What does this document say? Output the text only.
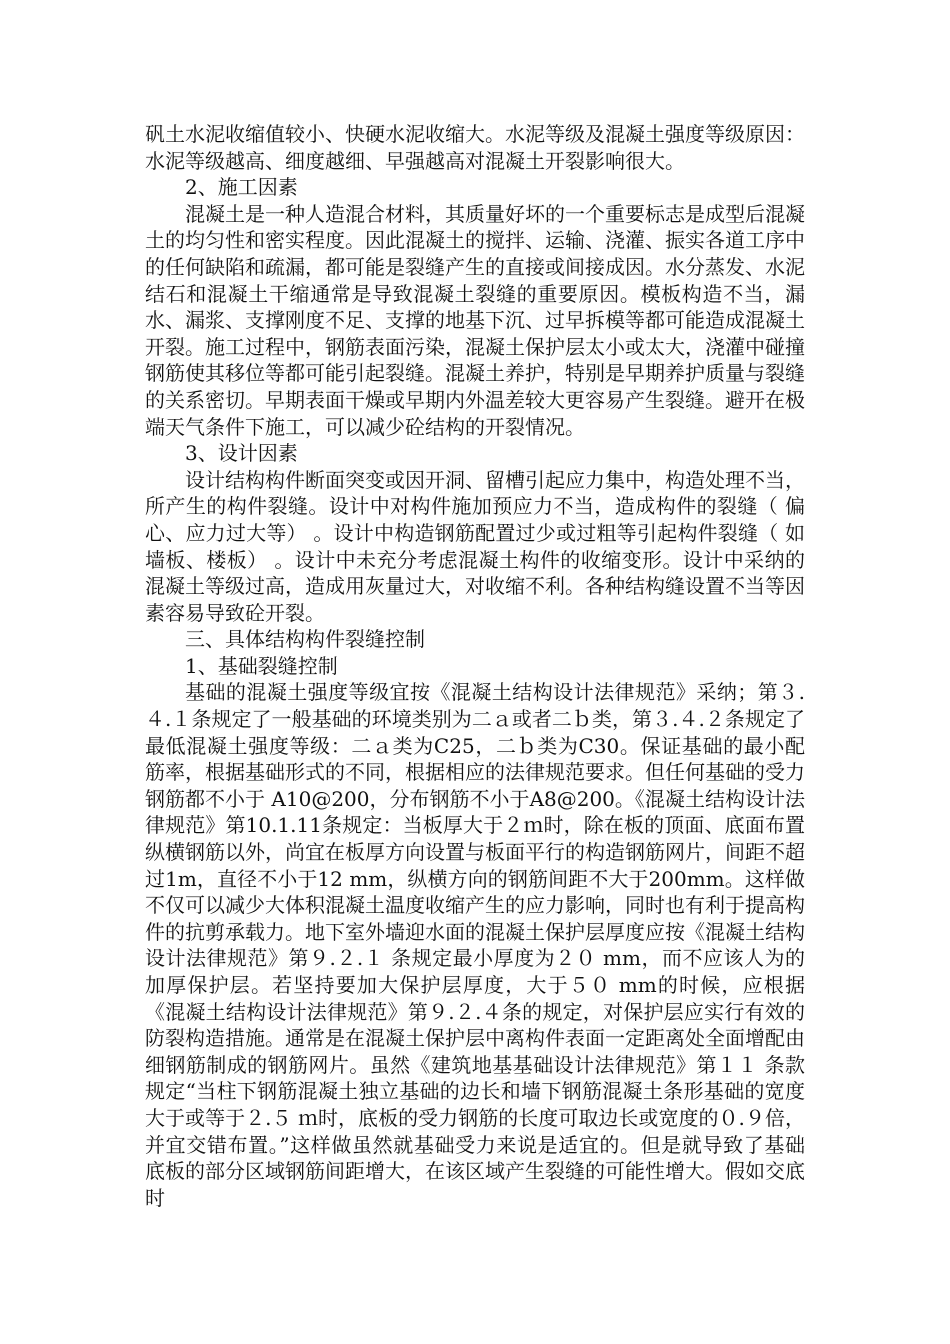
矾土水泥收缩值较小、快硬水泥收缩大。水泥等级及混凝土强度等级原因：水泥等级越高、细度越细、早强越高对混凝土开裂影响很大。

2、施工因素

混凝土是一种人造混合材料，其质量好坏的一个重要标志是成型后混凝土的均匀性和密实程度。因此混凝土的搅拌、运输、浇灌、振实各道工序中的任何缺陷和疏漏，都可能是裂缝产生的直接或间接成因。水分蒸发、水泥结石和混凝土干缩通常是导致混凝土裂缝的重要原因。模板构造不当，漏水、漏浆、支撑刚度不足、支撑的地基下沉、过早拆模等都可能造成混凝土开裂。施工过程中，钢筋表面污染，混凝土保护层太小或太大，浇灌中碰撞钢筋使其移位等都可能引起裂缝。混凝土养护，特别是早期养护质量与裂缝的关系密切。早期表面干燥或早期内外温差较大更容易产生裂缝。避开在极端天气条件下施工，可以减少砼结构的开裂情况。

3、设计因素

设计结构构件断面突变或因开洞、留槽引起应力集中，构造处理不当，所产生的构件裂缝。设计中对构件施加预应力不当，造成构件的裂缝（ 偏心、应力过大等） 。设计中构造钢筋配置过少或过粗等引起构件裂缝（ 如墙板、楼板） 。设计中未充分考虑混凝土构件的收缩变形。设计中采纳的混凝土等级过高，造成用灰量过大，对收缩不利。各种结构缝设置不当等因素容易导致砼开裂。

三、具体结构构件裂缝控制

1、基础裂缝控制

基础的混凝土强度等级宜按《混凝土结构设计法律规范》采纳；第３.４.１条规定了一般基础的环境类别为二ａ或者二ｂ类，第３.４.２条规定了最低混凝土强度等级：二ａ类为C25，二ｂ类为C30。保证基础的最小配筋率，根据基础形式的不同，根据相应的法律规范要求。但任何基础的受力钢筋都不小于 A10@200，分布钢筋不小于A8@200。《混凝土结构设计法律规范》第10.1.11条规定：当板厚大于２ｍ时，除在板的顶面、底面布置纵横钢筋以外，尚宜在板厚方向设置与板面平行的构造钢筋网片，间距不超过1m，直径不小于12 mm，纵横方向的钢筋间距不大于200mm。这样做不仅可以减少大体积混凝土温度收缩产生的应力影响，同时也有利于提高构件的抗剪承载力。地下室外墙迎水面的混凝土保护层厚度应按《混凝土结构设计法律规范》第９.２.１ 条规定最小厚度为２０ mm，而不应该人为的加厚保护层。若坚持要加大保护层厚度，大于５０ mm的时候，应根据《混凝土结构设计法律规范》第９.２.４条的规定，对保护层应实行有效的防裂构造措施。通常是在混凝土保护层中离构件表面一定距离处全面增配由细钢筋制成的钢筋网片。虽然《建筑地基基础设计法律规范》第１１ 条款规定“当柱下钢筋混凝土独立基础的边长和墙下钢筋混凝土条形基础的宽度大于或等于２.５ ｍ时，底板的受力钢筋的长度可取边长或宽度的０.９倍，并宜交错布置。”这样做虽然就基础受力来说是适宜的。但是就导致了基础底板的部分区域钢筋间距增大，在该区域产生裂缝的可能性增大。假如交底时
